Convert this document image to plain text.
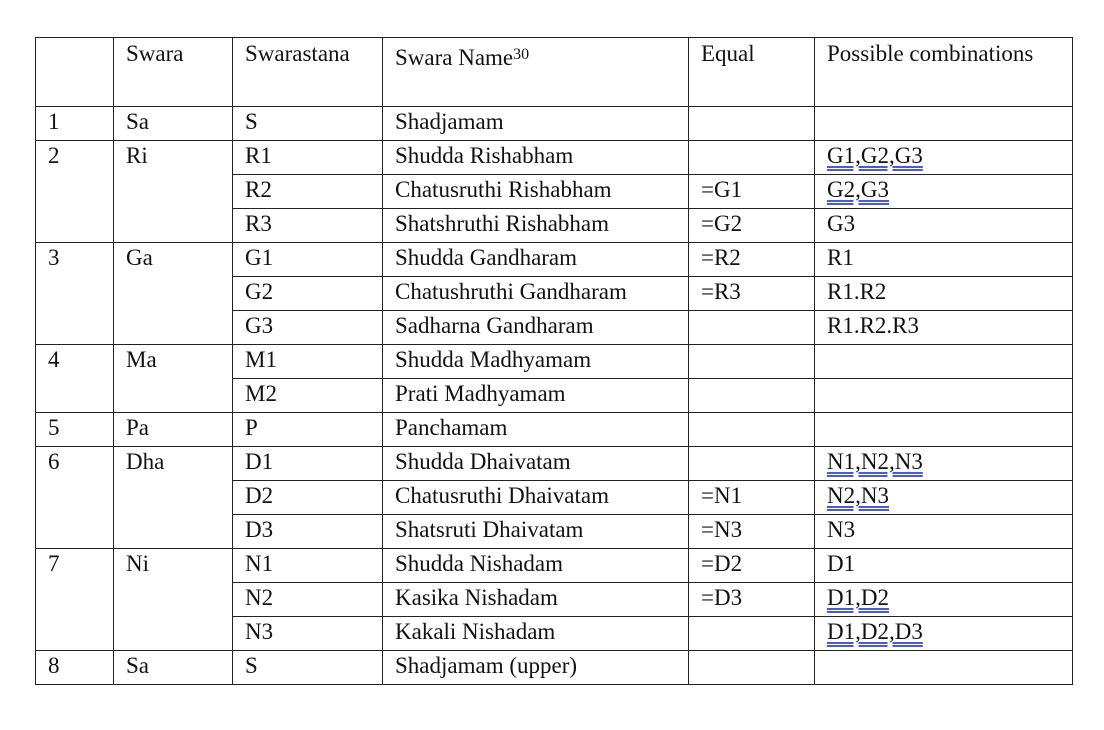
	Swara	Swarastana	Swara Name$^{30}$	Equal	Possible combinations
1	Sa	S	Shadjamam		
2	Ri	R1	Shudda Rishabham		G1,G2,G3
		R2	Chatusruthi Rishabham	=G1	G2,G3
		R3	Shatshruthi Rishabham	=G2	G3
3	Ga	G1	Shudda Gandharam	=R2	R1
		G2	Chatushruthi Gandharam	=R3	R1.R2
		G3	Sadharna Gandharam		R1.R2.R3
4	Ma	M1	Shudda Madhyamam		
		M2	Prati Madhyamam		
5	Pa	P	Panchamam		
6	Dha	D1	Shudda Dhaivatam		N1,N2,N3
		D2	Chatusruthi Dhaivatam	=N1	N2,N3
		D3	Shatsruti Dhaivatam	=N3	N3
7	Ni	N1	Shudda Nishadam	=D2	D1
		N2	Kasika Nishadam	=D3	D1,D2
		N3	Kakali Nishadam		D1,D2,D3
8	Sa	S	Shadjamam (upper)		
